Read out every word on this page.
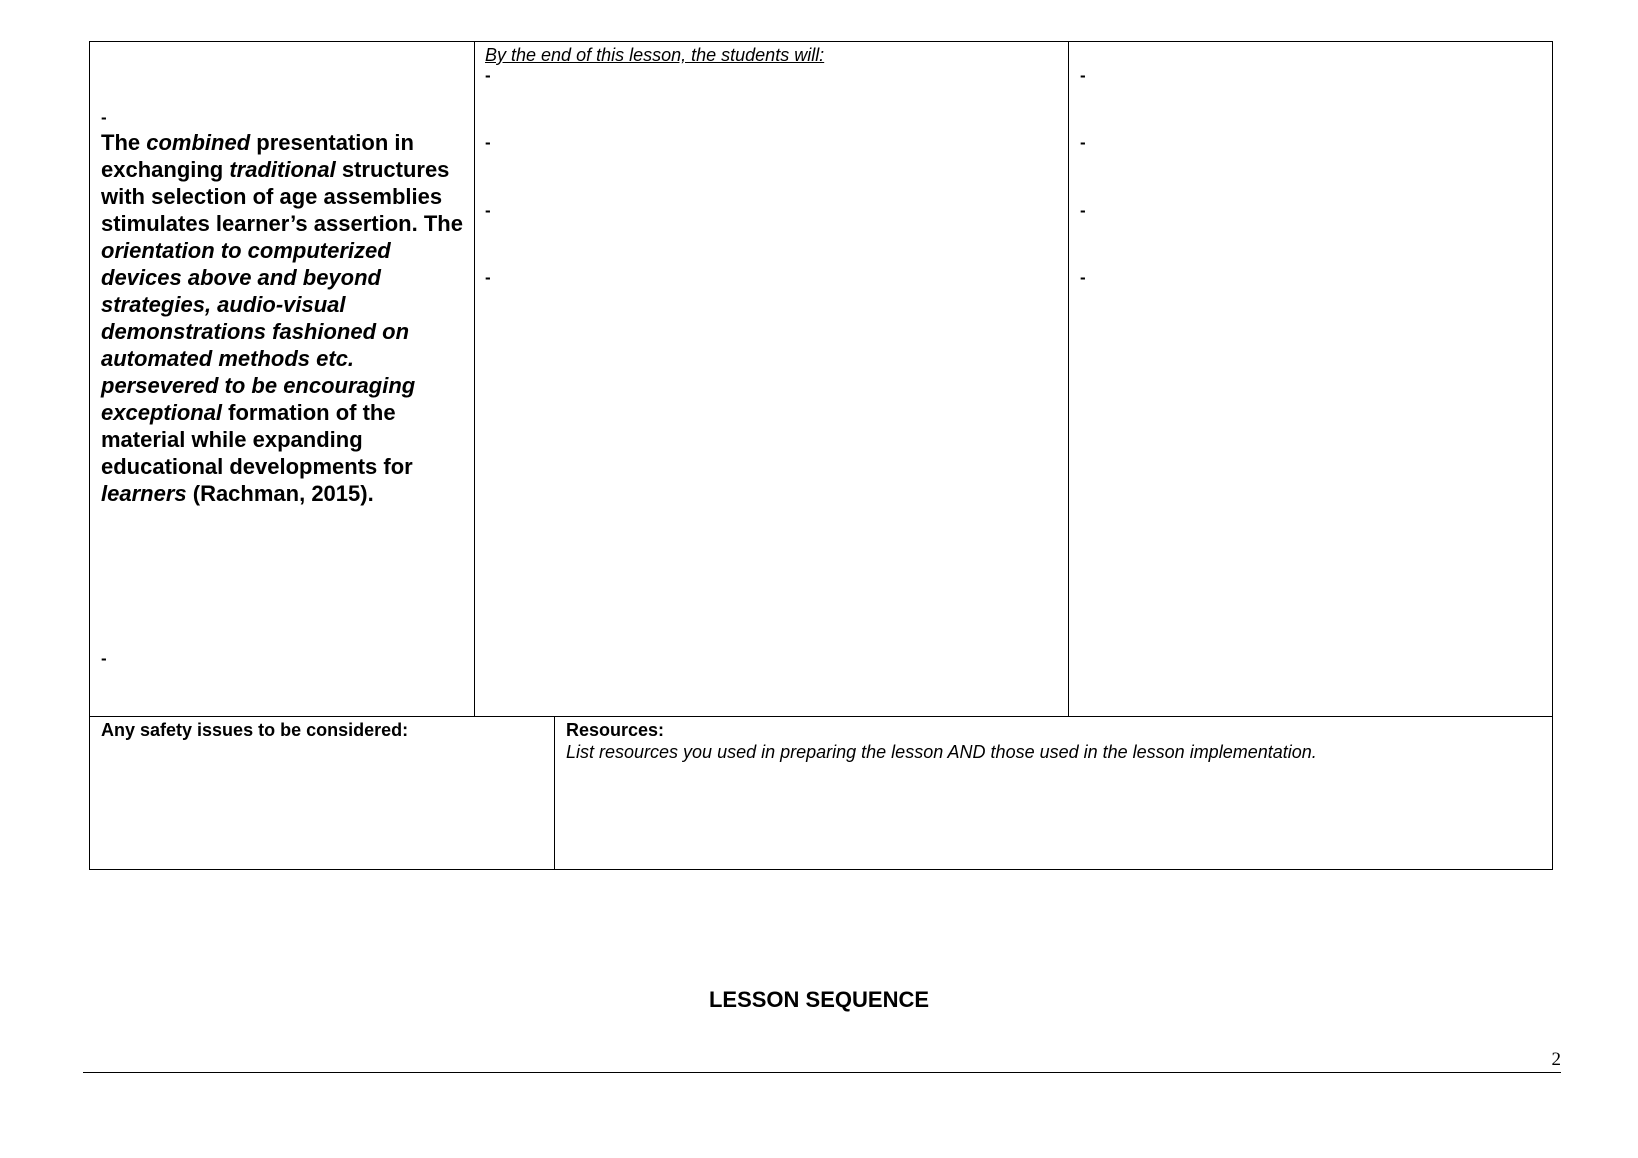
-
The combined presentation in exchanging traditional structures with selection of age assemblies stimulates learner’s assertion. The orientation to computerized devices above and beyond strategies, audio-visual demonstrations fashioned on automated methods etc. persevered to be encouraging exceptional formation of the material while expanding educational developments for learners (Rachman, 2015).
-
By the end of this lesson, the students will:
-
-
-
-
-
-
-
-
Any safety issues to be considered:	Resources:
List resources you used in preparing the lesson AND those used in the lesson implementation.
LESSON SEQUENCE
2
